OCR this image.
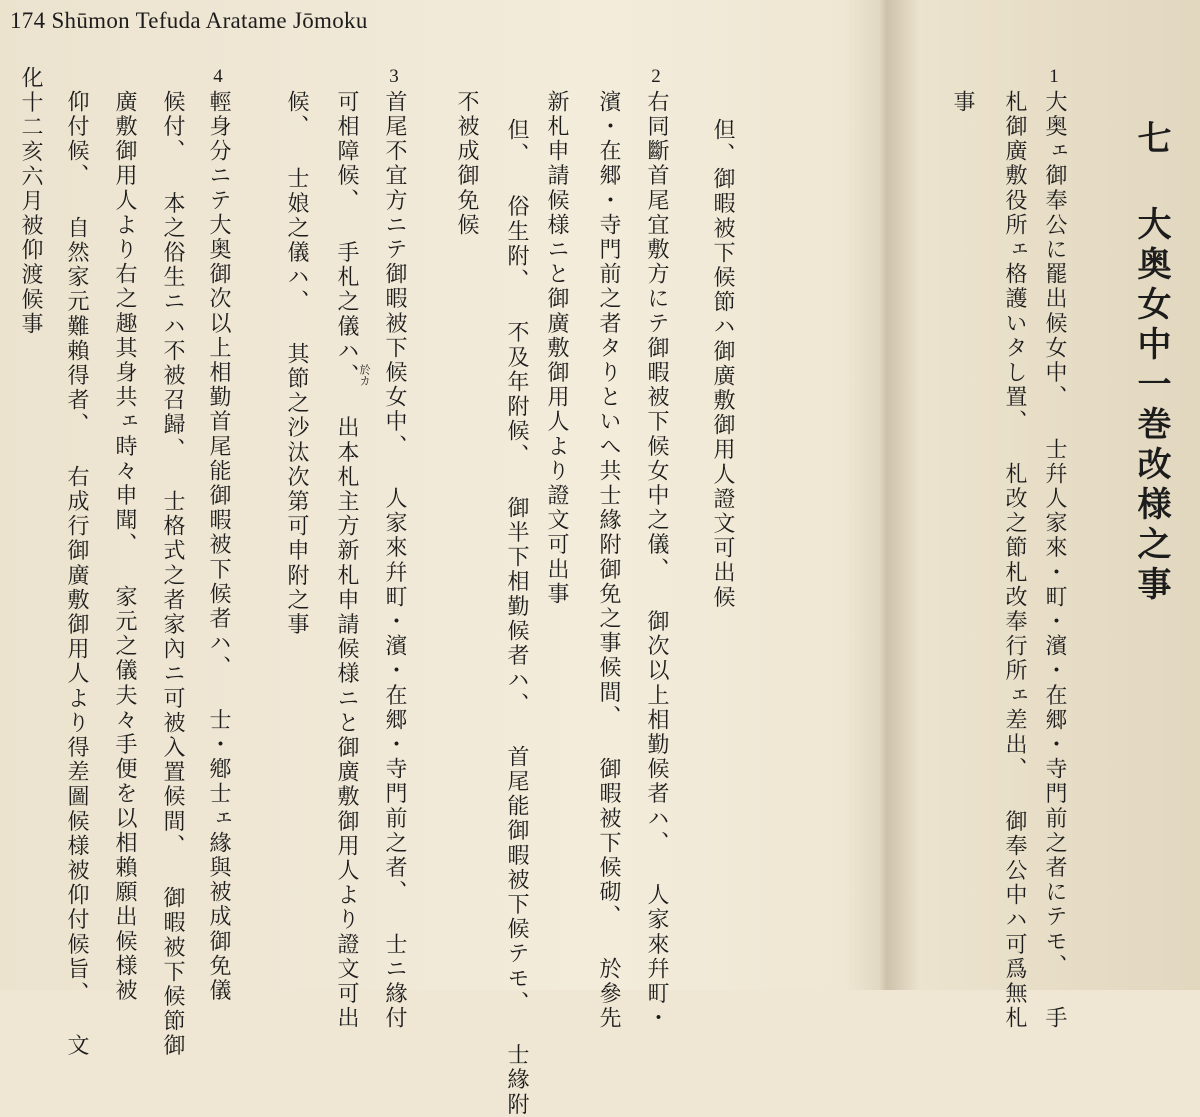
174 Shūmon Tefuda Aratame Jōmoku
七 大奥女中一巻改様之事
1
大奥ェ御奉公に罷出候女中、 士幷人家來・町・濱・在郷・寺門前之者にテモ、 手
札御廣敷役所ェ格護いタし置、 札改之節札改奉行所ェ差出、 御奉公中ハ可爲無札
事
但、御暇被下候節ハ御廣敷御用人證文可出候
2
右同斷首尾宜敷方にテ御暇被下候女中之儀、 御次以上相勤候者ハ、 人家來幷町・
濱・在郷・寺門前之者タりといへ共士緣附御免之事候間、 御暇被下候砌、 於參先
新札申請候様ニと御廣敷御用人より證文可出事
但、 俗生附、 不及年附候、 御半下相勤候者ハ、 首尾能御暇被下候テモ、 士緣附
不被成御免候
3
首尾不宜方ニテ御暇被下候女中、 人家來幷町・濱・在郷・寺門前之者、 士ニ緣付
可相障候、 手札之儀ハ、 出本札主方新札申請候様ニと御廣敷御用人より證文可出
候、 士娘之儀ハ、 其節之沙汰次第可申附之事	於カ
4
輕身分ニテ大奥御次以上相勤首尾能御暇被下候者ハ、 士・鄕士ェ緣與被成御免儀
候付、 本之俗生ニハ不被召歸、 士格式之者家內ニ可被入置候間、 御暇被下候節御
廣敷御用人より右之趣其身共ェ時々申聞、 家元之儀夫々手便を以相賴願出候様被
仰付候、 自然家元難賴得者、 右成行御廣敷御用人より得差圖候様被仰付候旨、 文
化十二亥六月被仰渡候事
